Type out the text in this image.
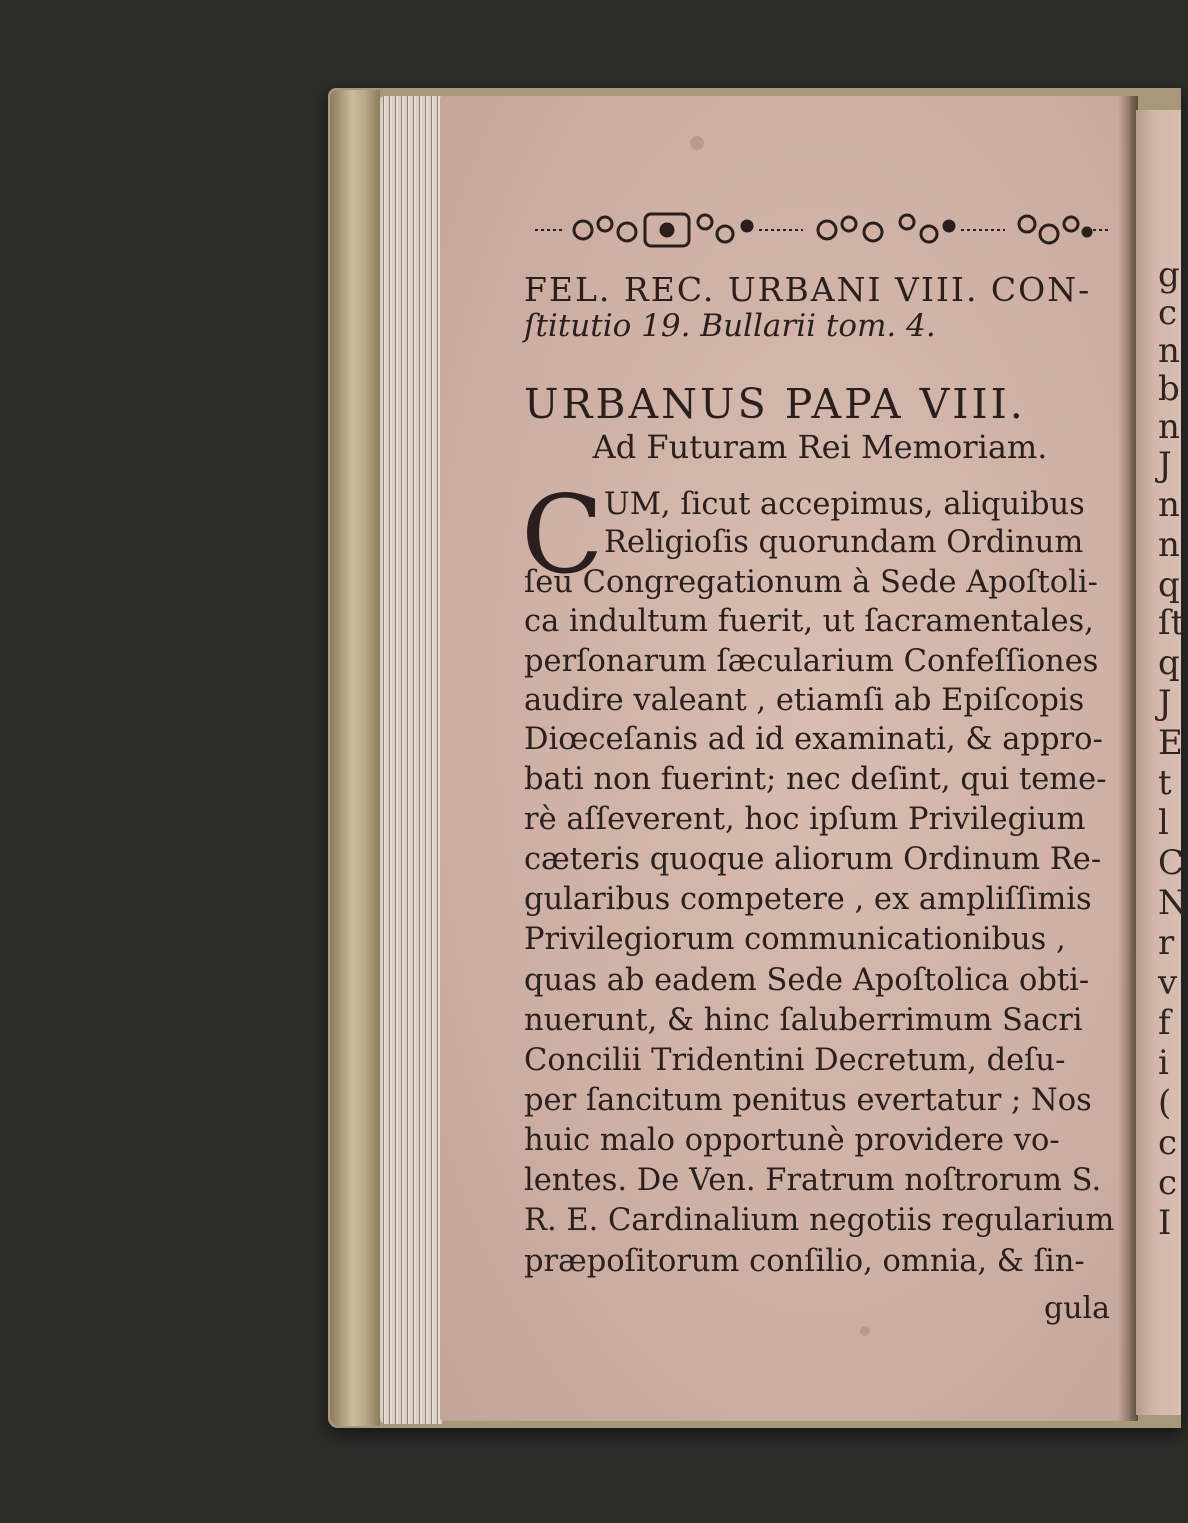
FEL. REC. URBANI VIII. CON-
ſtitutio 19. Bullarii tom. 4.
URBANUS PAPA VIII.
Ad Futuram Rei Memoriam.
C UM, ſicut accepimus, aliquibus
Religioſis quorundam Ordinum
ſeu Congregationum à Sede Apoſtoli-
ca indultum fuerit, ut ſacramentales,
perſonarum ſæcularium Confeſſiones
audire valeant , etiamſi ab Epiſcopis
Diœceſanis ad id examinati, & appro-
bati non fuerint; nec deſint, qui teme-
rè aſſeverent, hoc ipſum Privilegium
cæteris quoque aliorum Ordinum Re-
gularibus competere , ex ampliſſimis
Privilegiorum communicationibus ,
quas ab eadem Sede Apoſtolica obti-
nuerunt, & hinc ſaluberrimum Sacri
Concilii Tridentini Decretum, deſu-
per ſancitum penitus evertatur ; Nos
huic malo opportunè providere vo-
lentes. De Ven. Fratrum noſtrorum S.
R. E. Cardinalium negotiis regularium
præpoſitorum conſilio, omnia, & ſin-
gula
g
c
n
b
n
J
n
n
q
ſt
q
J
E
t
l
C
N
r
v
f
i
(
c
c
I
